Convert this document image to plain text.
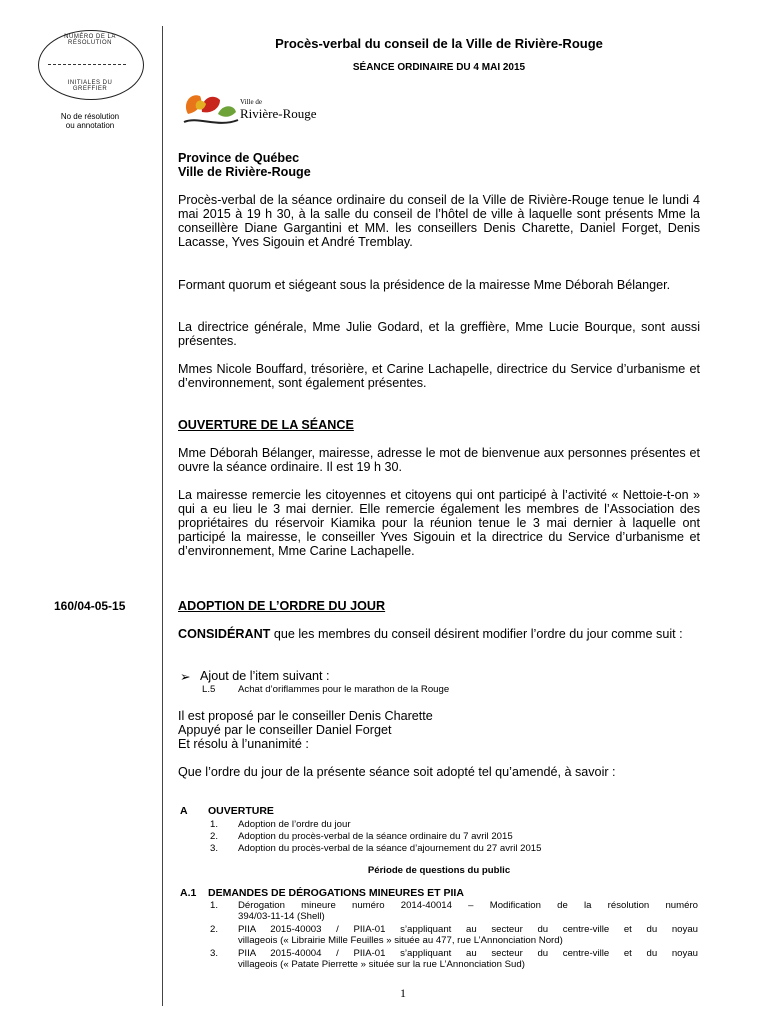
NUMÉRO DE LA RÉSOLUTION
INITIALES DU GREFFIER
No de résolution
ou annotation
160/04-05-15
Procès-verbal du conseil de la Ville de Rivière-Rouge
SÉANCE ORDINAIRE DU 4 MAI 2015
Ville de
Rivière-Rouge
Province de Québec
Ville de Rivière-Rouge
Procès-verbal de la séance ordinaire du conseil de la Ville de Rivière-Rouge tenue le lundi 4 mai 2015 à 19 h 30, à la salle du conseil de l’hôtel de ville à laquelle sont présents Mme la conseillère Diane Gargantini et MM. les conseillers Denis Charette, Daniel Forget, Denis Lacasse, Yves Sigouin et André Tremblay.
Formant quorum et siégeant sous la présidence de la mairesse Mme Déborah Bélanger.
La directrice générale, Mme Julie Godard, et la greffière, Mme Lucie Bourque, sont aussi présentes.
Mmes Nicole Bouffard, trésorière, et Carine Lachapelle, directrice du Service d’urbanisme et d’environnement, sont également présentes.
OUVERTURE DE LA SÉANCE
Mme Déborah Bélanger, mairesse, adresse le mot de bienvenue aux personnes présentes et ouvre la séance ordinaire. Il est 19 h 30.
La mairesse remercie les citoyennes et citoyens qui ont participé à l’activité « Nettoie-t-on » qui a eu lieu le 3 mai dernier. Elle remercie également les membres de l’Association des propriétaires du réservoir Kiamika pour la réunion tenue le 3 mai dernier à laquelle ont participé la mairesse, le conseiller Yves Sigouin et la directrice du Service d’urbanisme et d’environnement, Mme Carine Lachapelle.
ADOPTION DE L’ORDRE DU JOUR
CONSIDÉRANT que les membres du conseil désirent modifier l’ordre du jour comme suit :
➢ Ajout de l’item suivant :
L.5 Achat d’oriflammes pour le marathon de la Rouge
Il est proposé par le conseiller Denis Charette
Appuyé par le conseiller Daniel Forget
Et résolu à l’unanimité :
Que l’ordre du jour de la présente séance soit adopté tel qu’amendé, à savoir :
A OUVERTURE
1. Adoption de l’ordre du jour
2. Adoption du procès-verbal de la séance ordinaire du 7 avril 2015
3. Adoption du procès-verbal de la séance d’ajournement du 27 avril 2015
Période de questions du public
A.1 DEMANDES DE DÉROGATIONS MINEURES ET PIIA
1. Dérogation mineure numéro 2014-40014 – Modification de la résolution numéro
394/03-11-14 (Shell)
2. PIIA 2015-40003 / PIIA-01 s’appliquant au secteur du centre-ville et du noyau
villageois (« Librairie Mille Feuilles » située au 477, rue L’Annonciation Nord)
3. PIIA 2015-40004 / PIIA-01 s’appliquant au secteur du centre-ville et du noyau
villageois (« Patate Pierrette » située sur la rue L’Annonciation Sud)
1
